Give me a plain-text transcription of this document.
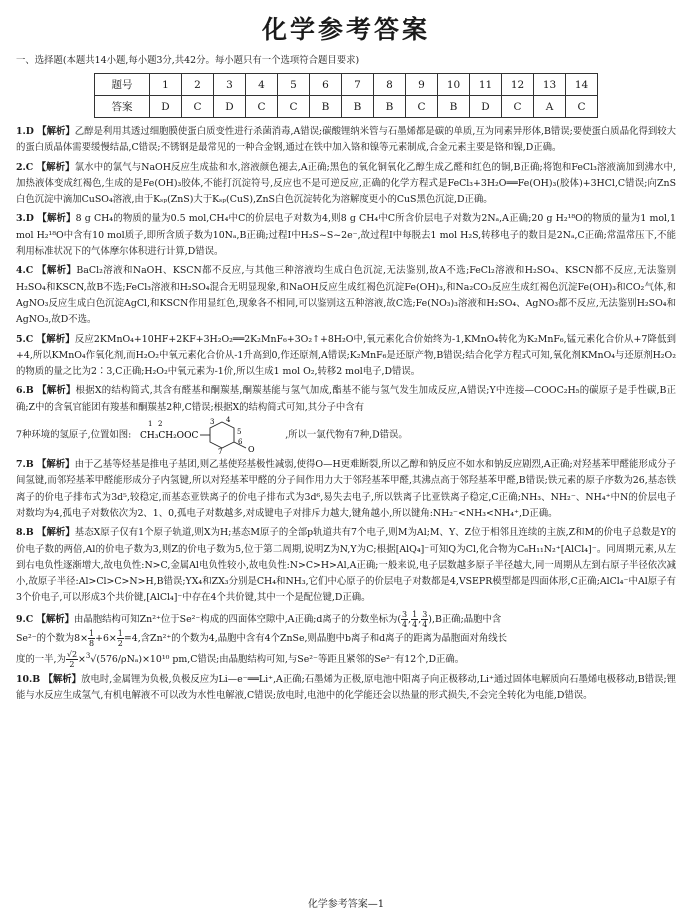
化学参考答案
一、选择题(本题共14小题,每小题3分,共42分。每小题只有一个选项符合题目要求)
题号	1	2	3	4	5	6	7	8	9	10	11	12	13	14
答案	D	C	D	C	C	B	B	B	C	B	D	C	A	C

1.D 【解析】乙醇是利用其透过细胞膜使蛋白质变性进行杀菌消毒,A错误;碳酸锂纳米管与石墨烯都是碳的单质,互为同素异形体,B错误;要使蛋白质晶化得到较大的蛋白质晶体需要缓慢结晶,C错误;不锈钢是最常见的一种合金钢,通过在铁中加入铬和镍等元素制成,合金元素主要是铬和镍,D正确。

2.C 【解析】氯水中的氯气与NaOH反应生成盐和水,溶液颜色褪去,A正确;黑色的氧化铜氧化乙醇生成乙醛和红色的铜,B正确;将饱和FeCl₃溶液滴加到沸水中,加热液体变成红褐色,生成的是Fe(OH)₃胶体,不能打沉淀符号,反应也不是可逆反应,正确的化学方程式是FeCl₃+3H₂O══Fe(OH)₃(胶体)+3HCl,C错误;向ZnS白色沉淀中滴加CuSO₄溶液,由于Kₛₚ(ZnS)大于Kₛₚ(CuS),ZnS白色沉淀转化为溶解度更小的CuS黑色沉淀,D正确。

3.D 【解析】8 g CH₄的物质的量为0.5 mol,CH₄中C的价层电子对数为4,则8 g CH₄中C所含价层电子对数为2Nₐ,A正确;20 g H₂¹⁸O的物质的量为1 mol,1 mol H₂¹⁸O中含有10 mol质子,即所含质子数为10Nₐ,B正确;过程Ⅰ中H₂S~S~2e⁻,故过程Ⅰ中每脱去1 mol H₂S,转移电子的数目是2Nₐ,C正确;常温常压下,不能利用标准状况下的气体摩尔体积进行计算,D错误。

4.C 【解析】BaCl₂溶液和NaOH、KSCN都不反应,与其他三种溶液均生成白色沉淀,无法鉴别,故A不选;FeCl₂溶液和H₂SO₄、KSCN都不反应,无法鉴别H₂SO₄和KSCN,故B不选;FeCl₃溶液和H₂SO₄混合无明显现象,和NaOH反应生成红褐色沉淀Fe(OH)₃,和Na₂CO₃反应生成红褐色沉淀Fe(OH)₃和CO₂气体,和AgNO₃反应生成白色沉淀AgCl,和KSCN作用显红色,现象各不相同,可以鉴别这五种溶液,故C选;Fe(NO₃)₃溶液和H₂SO₄、AgNO₃都不反应,无法鉴别H₂SO₄和AgNO₃,故D不选。

5.C 【解析】反应2KMnO₄+10HF+2KF+3H₂O₂══2K₂MnF₆+3O₂↑+8H₂O中,氧元素化合价始终为-1,KMnO₄转化为K₂MnF₆,锰元素化合价从+7降低到+4,所以KMnO₄作氧化剂,而H₂O₂中氧元素化合价从-1升高到0,作还原剂,A错误;K₂MnF₆是还原产物,B错误;结合化学方程式可知,氧化剂KMnO₄与还原剂H₂O₂的物质的量之比为2∶3,C正确;H₂O₂中氧元素为-1价,所以生成1 mol O₂,转移2 mol电子,D错误。

6.B 【解析】根据X的结构简式,其含有醛基和酮羰基,酮羰基能与氢气加成,酯基不能与氢气发生加成反应,A错误;Y中连接—COOC₂H₅的碳原子是手性碳,B正确;Z中的含氧官能团有羧基和酮羰基2种,C错误;根据X的结构简式可知,其分子中含有
7种环境的氢原子,位置如图: CH₃CH₂OOC
1 2
O
3 4
5
6
7
,所以一氯代物有7种,D错误。

7.B 【解析】由于乙基等烃基是推电子基团,则乙基使羟基极性减弱,使得O—H更难断裂,所以乙醇和钠反应不如水和钠反应剧烈,A正确;对羟基苯甲醛能形成分子间氢键,而邻羟基苯甲醛能形成分子内氢键,所以对羟基苯甲醛的分子间作用力大于邻羟基苯甲醛,其沸点高于邻羟基苯甲醛,B错误;铁元素的原子序数为26,基态铁离子的价电子排布式为3d⁵,较稳定,而基态亚铁离子的价电子排布式为3d⁶,易失去电子,所以铁离子比亚铁离子稳定,C正确;NH₃、NH₂⁻、NH₄⁺中N的价层电子对数均为4,孤电子对数依次为2、1、0,孤电子对数越多,对成键电子对排斥力越大,键角越小,所以键角:NH₂⁻<NH₃<NH₄⁺,D正确。

8.B 【解析】基态X原子仅有1个原子轨道,则X为H;基态M原子的全部p轨道共有7个电子,则M为Al;M、Y、Z位于相邻且连续的主族,Z和M的价电子总数是Y的价电子数的两倍,Al的价电子数为3,则Z的价电子数为5,位于第二周期,说明Z为N,Y为C;根据[AlQ₄]⁻可知Q为Cl,化合物为C₆H₁₁N₂⁺[AlCl₄]⁻。同周期元素,从左到右电负性逐渐增大,故电负性:N>C,金属Al电负性较小,故电负性:N>C>H>Al,A正确;一般来说,电子层数越多原子半径越大,同一周期从左到右原子半径依次减小,故原子半径:Al>Cl>C>N>H,B错误;YX₄和ZX₃分别是CH₄和NH₃,它们中心原子的价层电子对数都是4,VSEPR模型都是四面体形,C正确;AlCl₄⁻中Al原子有3个价电子,可以形成3个共价键,[AlCl₄]⁻中存在4个共价键,其中一个是配位键,D正确。

9.C 【解析】由晶胞结构可知Zn²⁺位于Se²⁻构成的四面体空隙中,A正确;d离子的分数坐标为( $\frac{3}{4}$ , $\frac{1}{4}$ , $\frac{3}{4} ),B$正确;晶胞中含
Se²⁻的个数为$8\times \frac{1}{8} +6\times \frac{1}{2} =4$,含Zn²⁺的个数为4,晶胞中含有4个ZnSe,则晶胞中b离子和d离子的距离为晶胞面对角线长
度的一半,为 $\frac{√2}{2} \times^3√(576/\rho N_a)\times 10^{10}$ pm,C错误;由晶胞结构可知,与Se²⁻等距且紧邻的Se²⁻有12个,D正确。

10.B 【解析】放电时,金属锂为负极,负极反应为Li—e⁻══Li⁺,A正确;石墨烯为正极,原电池中阳离子向正极移动,Li⁺通过固体电解质向石墨烯电极移动,B错误;锂能与水反应生成氢气,有机电解液不可以改为水性电解液,C错误;放电时,电池中的化学能还会以热量的形式损失,不会完全转化为电能,D错误。

化学参考答案—1
